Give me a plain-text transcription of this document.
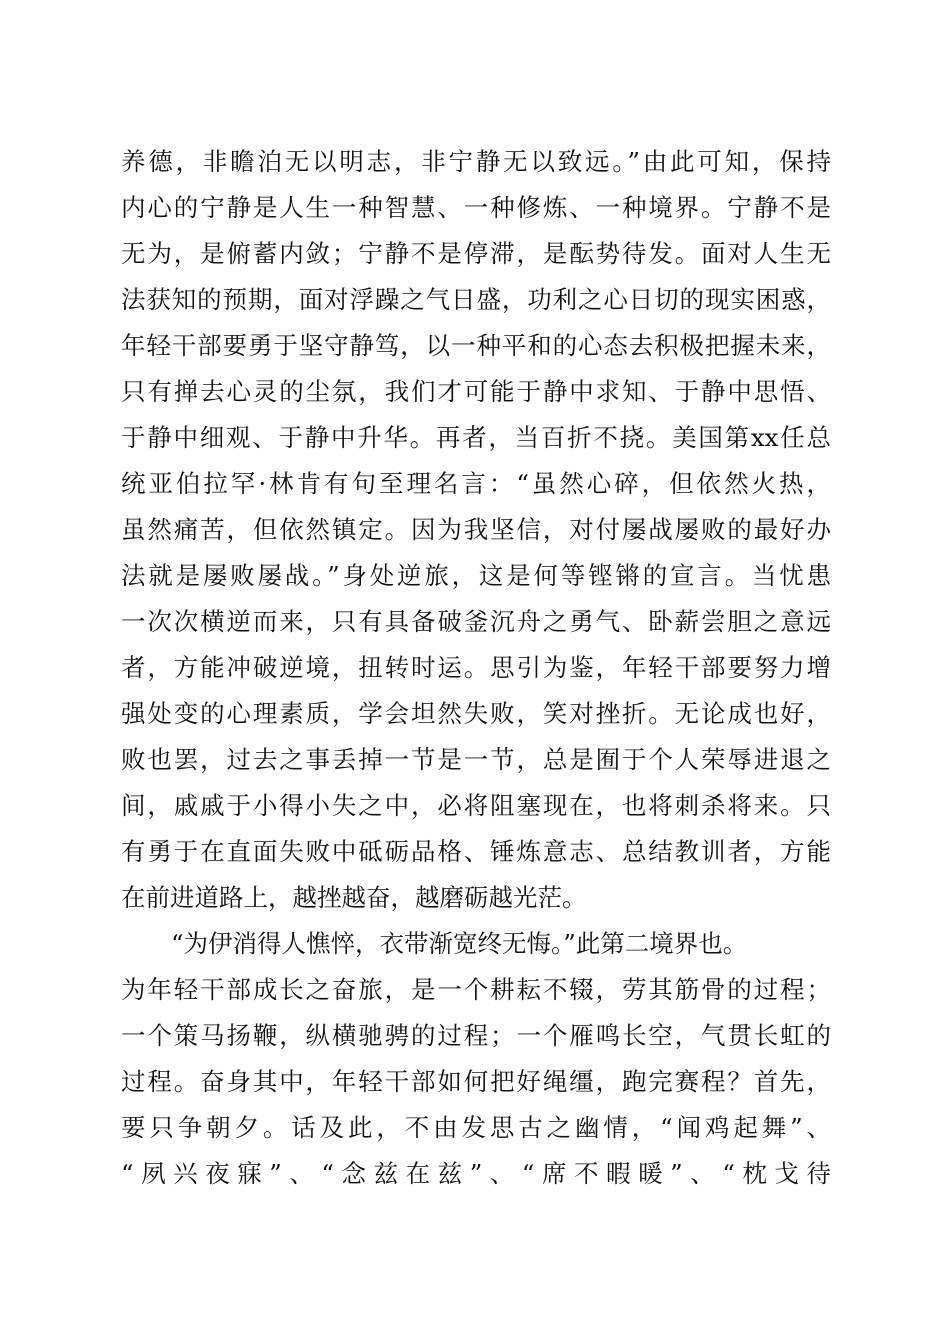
养德，非瞻泊无以明志，非宁静无以致远。”由此可知，保持
内心的宁静是人生一种智慧、一种修炼、一种境界。宁静不是
无为，是俯蓄内敛；宁静不是停滞，是酝势待发。面对人生无
法获知的预期，面对浮躁之气日盛，功利之心日切的现实困惑，
年轻干部要勇于坚守静笃，以一种平和的心态去积极把握未来，
只有掸去心灵的尘氛，我们才可能于静中求知、于静中思悟、
于静中细观、于静中升华。再者，当百折不挠。美国第xx任总
统亚伯拉罕·林肯有句至理名言：“虽然心碎，但依然火热，
虽然痛苦，但依然镇定。因为我坚信，对付屡战屡败的最好办
法就是屡败屡战。”身处逆旅，这是何等铿锵的宣言。当忧患
一次次横逆而来，只有具备破釜沉舟之勇气、卧薪尝胆之意远
者，方能冲破逆境，扭转时运。思引为鉴，年轻干部要努力增
强处变的心理素质，学会坦然失败，笑对挫折。无论成也好，
败也罢，过去之事丢掉一节是一节，总是囿于个人荣辱进退之
间，戚戚于小得小失之中，必将阻塞现在，也将刺杀将来。只
有勇于在直面失败中砥砺品格、锤炼意志、总结教训者，方能
在前进道路上，越挫越奋，越磨砺越光茫。
“为伊消得人憔悴，衣带渐宽终无悔。”此第二境界也。
为年轻干部成长之奋旅，是一个耕耘不辍，劳其筋骨的过程；
一个策马扬鞭，纵横驰骋的过程；一个雁鸣长空，气贯长虹的
过程。奋身其中，年轻干部如何把好绳缰，跑完赛程？首先，
要只争朝夕。话及此，不由发思古之幽情，“闻鸡起舞”、
“夙兴夜寐”、“念兹在兹”、“席不暇暖”、“枕戈待
